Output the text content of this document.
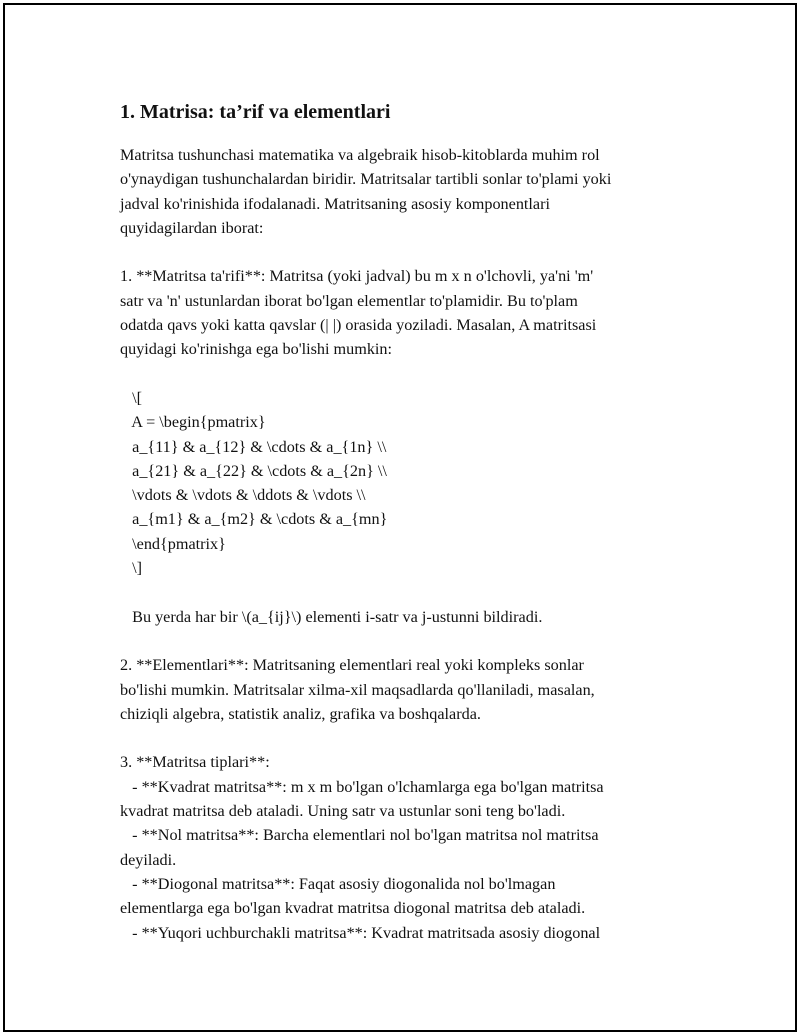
1. Matrisa: ta’rif va elementlari
Matritsa tushunchasi matematika va algebraik hisob-kitoblarda muhim rol
o'ynaydigan tushunchalardan biridir. Matritsalar tartibli sonlar to'plami yoki
jadval ko'rinishida ifodalanadi. Matritsaning asosiy komponentlari
quyidagilardan iborat:
1. **Matritsa ta'rifi**: Matritsa (yoki jadval) bu m x n o'lchovli, ya'ni 'm'
satr va 'n' ustunlardan iborat bo'lgan elementlar to'plamidir. Bu to'plam
odatda qavs yoki katta qavslar (| |) orasida yoziladi. Masalan, A matritsasi
quyidagi ko'rinishga ega bo'lishi mumkin:
\[
A = \begin{pmatrix}
a_{11} & a_{12} & \cdots & a_{1n} \\
a_{21} & a_{22} & \cdots & a_{2n} \\
\vdots & \vdots & \ddots & \vdots \\
a_{m1} & a_{m2} & \cdots & a_{mn}
\end{pmatrix}
\]
Bu yerda har bir \(a_{ij}\) elementi i-satr va j-ustunni bildiradi.
2. **Elementlari**: Matritsaning elementlari real yoki kompleks sonlar
bo'lishi mumkin. Matritsalar xilma-xil maqsadlarda qo'llaniladi, masalan,
chiziqli algebra, statistik analiz, grafika va boshqalarda.
3. **Matritsa tiplari**:
- **Kvadrat matritsa**: m x m bo'lgan o'lchamlarga ega bo'lgan matritsa
kvadrat matritsa deb ataladi. Uning satr va ustunlar soni teng bo'ladi.
- **Nol matritsa**: Barcha elementlari nol bo'lgan matritsa nol matritsa
deyiladi.
- **Diogonal matritsa**: Faqat asosiy diogonalida nol bo'lmagan
elementlarga ega bo'lgan kvadrat matritsa diogonal matritsa deb ataladi.
- **Yuqori uchburchakli matritsa**: Kvadrat matritsada asosiy diogonal
